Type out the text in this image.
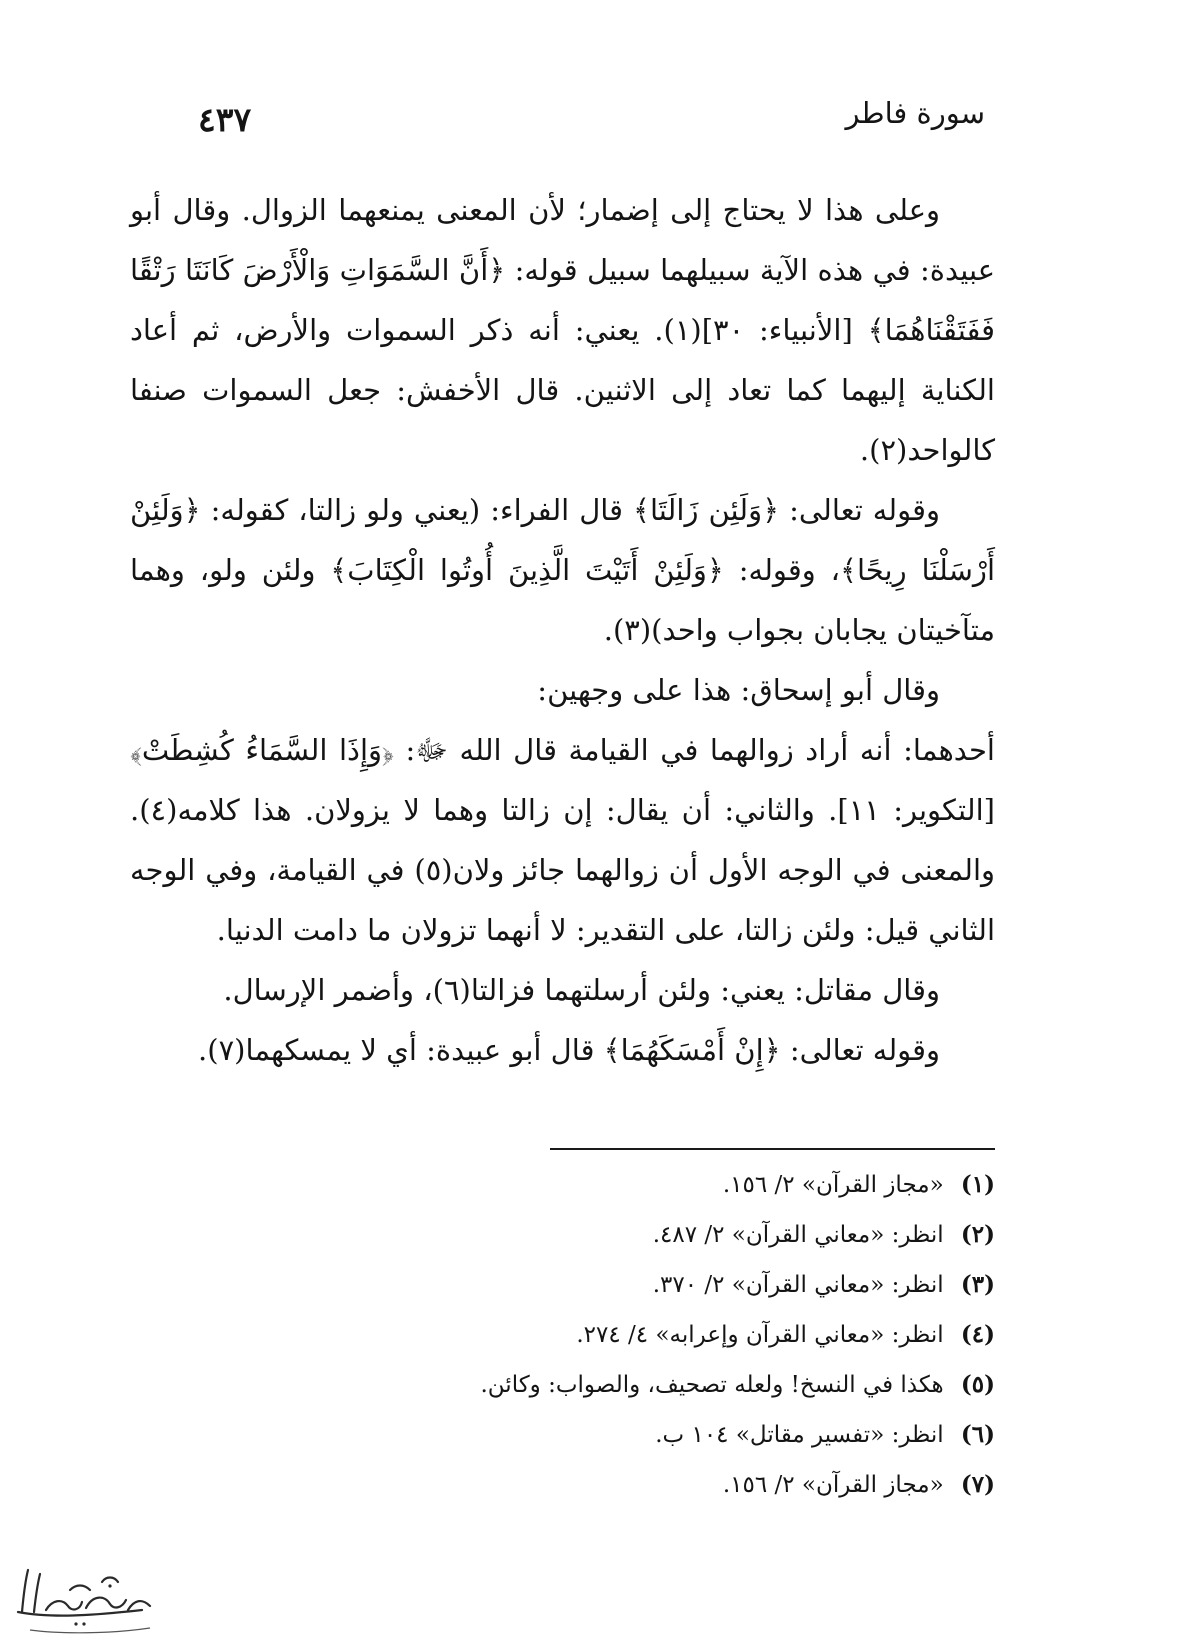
سورة فاطر
٤٣٧

وعلى هذا لا يحتاج إلى إضمار؛ لأن المعنى يمنعهما الزوال. وقال أبو عبيدة: في هذه الآية سبيلهما سبيل قوله: ﴿أَنَّ السَّمَوَاتِ وَالْأَرْضَ كَانَتَا رَتْقًا فَفَتَقْنَاهُمَا﴾ [الأنبياء: ٣٠](١). يعني: أنه ذكر السموات والأرض، ثم أعاد الكناية إليهما كما تعاد إلى الاثنين. قال الأخفش: جعل السموات صنفا كالواحد(٢).

وقوله تعالى: ﴿وَلَئِن زَالَتَا﴾ قال الفراء: (يعني ولو زالتا، كقوله: ﴿وَلَئِنْ أَرْسَلْنَا رِيحًا﴾، وقوله: ﴿وَلَئِنْ أَتَيْتَ الَّذِينَ أُوتُوا الْكِتَابَ﴾ ولئن ولو، وهما متآخيتان يجابان بجواب واحد)(٣).

وقال أبو إسحاق: هذا على وجهين:

أحدهما: أنه أراد زوالهما في القيامة قال الله ﷻ: ﴿وَإِذَا السَّمَاءُ كُشِطَتْ﴾ [التكوير: ١١]. والثاني: أن يقال: إن زالتا وهما لا يزولان. هذا كلامه(٤). والمعنى في الوجه الأول أن زوالهما جائز ولان(٥) في القيامة، وفي الوجه الثاني قيل: ولئن زالتا، على التقدير: لا أنهما تزولان ما دامت الدنيا.

وقال مقاتل: يعني: ولئن أرسلتهما فزالتا(٦)، وأضمر الإرسال.

وقوله تعالى: ﴿إِنْ أَمْسَكَهُمَا﴾ قال أبو عبيدة: أي لا يمسكهما(٧).

(١) «مجاز القرآن» ٢/ ١٥٦.
(٢) انظر: «معاني القرآن» ٢/ ٤٨٧.
(٣) انظر: «معاني القرآن» ٢/ ٣٧٠.
(٤) انظر: «معاني القرآن وإعرابه» ٤/ ٢٧٤.
(٥) هكذا في النسخ! ولعله تصحيف، والصواب: وكائن.
(٦) انظر: «تفسير مقاتل» ١٠٤ ب.
(٧) «مجاز القرآن» ٢/ ١٥٦.
